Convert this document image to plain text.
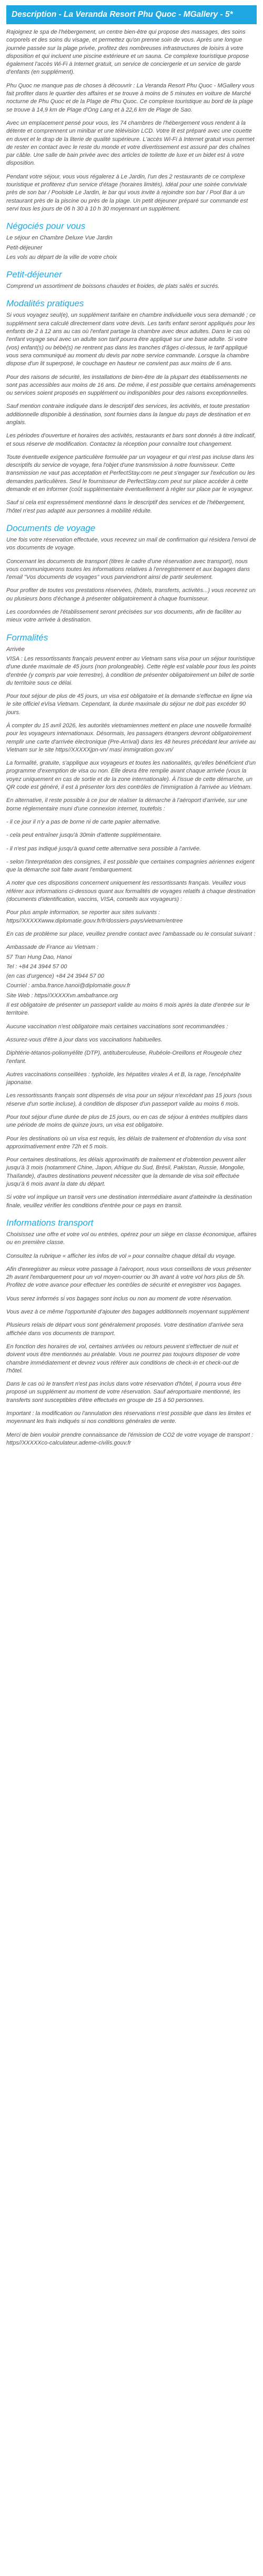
Description - La Veranda Resort Phu Quoc - MGallery - 5*

Rajoignez le spa de l'hébergement, un centre bien-être qui propose des massages, des soins corporels et des soins du visage, et permettez qu'on prenne soin de vous. Après une longue journée passée sur la plage privée, profitez des nombreuses infrastructures de loisirs à votre disposition et qui incluent une piscine extérieure et un sauna. Ce complexe touristique propose également l'accès Wi-Fi à Internet gratuit, un service de conciergerie et un service de garde d'enfants (en supplément).

Phu Quoc ne manque pas de choses à découvrir : La Veranda Resort Phu Quoc - MGallery vous fait profiter dans le quartier des affaires et se trouve à moins de 5 minutes en voiture de Marché nocturne de Phu Quoc et de la Plage de Phu Quoc. Ce complexe touristique au bord de la plage se trouve à 14,9 km de Plage d'Ong Lang et à 22,6 km de Plage de Sao.

Avec un emplacement pensé pour vous, les 74 chambres de l'hébergement vous rendent à la détente et comprennent un minibar et une télévision LCD. Votre lit est préparé avec une couette en duvet et le drap de la literie de qualité supérieure. L'accès Wi-Fi à Internet gratuit vous permet de rester en contact avec le reste du monde et votre divertissement est assuré par des chaînes par câble. Une salle de bain privée avec des articles de toilette de luxe et un bidet est à votre disposition.

Pendant votre séjour, vous vous régalerez à Le Jardin, l'un des 2 restaurants de ce complexe touristique et profiterez d'un service d'étage (horaires limités). Idéal pour une soirée conviviale près de son bar / Poolside Le Jardin, le bar qui vous invite à rejoindre son bar / Pool Bar à un restaurant près de la piscine ou près de la plage. Un petit déjeuner préparé sur commande est servi tous les jours de 06 h 30 à 10 h 30 moyennant un supplément.

Négociés pour vous

Le séjour en Chambre Deluxe Vue Jardin

Petit-déjeuner

Les vols au départ de la ville de votre choix

Petit-déjeuner

Comprend un assortiment de boissons chaudes et froides, de plats salés et sucrés.

Modalités pratiques

Si vous voyagez seul(e), un supplément tarifaire en chambre individuelle vous sera demandé ; ce supplément sera calculé directement dans votre devis. Les tarifs enfant seront appliqués pour les enfants de 2 à 12 ans au cas où l'enfant partage la chambre avec deux adultes. Dans le cas où l'enfant voyage seul avec un adulte son tarif pourra être appliqué sur une base adulte. Si votre (vos) enfant(s) ou bébé(s) ne rentrent pas dans les tranches d'âges ci-dessus, le tarif appliqué vous sera communiqué au moment du devis par notre service commande. Lorsque la chambre dispose d'un lit superposé, le couchage en hauteur ne convient pas aux moins de 6 ans.

Pour des raisons de sécurité, les installations de bien-être de la plupart des établissements ne sont pas accessibles aux moins de 16 ans. De même, il est possible que certains aménagements ou services soient proposés en supplément ou indisponibles pour des raisons exceptionnelles.

Sauf mention contraire indiquée dans le descriptif des services, les activités, et toute prestation additionnelle disponible à destination, sont fournies dans la langue du pays de destination et en anglais.

Les périodes d'ouverture et horaires des activités, restaurants et bars sont donnés à titre indicatif, et sous réserve de modification. Contactez la réception pour connaître tout changement.

Toute éventuelle exigence particulière formulée par un voyageur et qui n'est pas incluse dans les descriptifs du service de voyage, fera l'objet d'une transmission à notre fournisseur. Cette transmission ne vaut pas acceptation et PerfectStay.com ne peut s'engager sur l'exécution ou les demandes particulières. Seul le fournisseur de PerfectStay.com peut sur place accéder à cette demande et en informer (coût supplémentaire éventuellement à régler sur place par le voyageur.

Sauf si cela est expressément mentionné dans le descriptif des services et de l'hébergement, l'hôtel n'est pas adapté aux personnes à mobilité réduite.

Documents de voyage

Une fois votre réservation effectuée, vous recevrez un mail de confirmation qui résidera l'envoi de vos documents de voyage.

Concernant les documents de transport (titres le cadre d'une réservation avec transport), nous vous communiquerons toutes les informations relatives à l'enregistrement et aux bagages dans l'email "Vos documents de voyages" vous parviendront ainsi de partir seulement.

Pour profiter de toutes vos prestations réservées, (hôtels, transferts, activités...) vous recevrez un ou plusieurs bons d'échange à présenter obligatoirement à chaque fournisseur.

Les coordonnées de l'établissement seront précisées sur vos documents, afin de faciliter au mieux votre arrivée à destination.

Formalités

Arrivée

VISA : Les ressortissants français peuvent entrer au Vietnam sans visa pour un séjour touristique d'une durée maximale de 45 jours (non prolongeable). Cette règle est valable pour tous les points d'entrée (y compris par voie terrestre), à condition de présenter obligatoirement un billet de sortie du territoire sous ce délai.

Pour tout séjour de plus de 45 jours, un visa est obligatoire et la demande s'effectue en ligne via le site officiel eVisa Vietnam. Cependant, la durée maximale du séjour ne doit pas excéder 90 jours.

À compter du 15 avril 2026, les autorités vietnamiennes mettent en place une nouvelle formalité pour les voyageurs internationaux. Désormais, les passagers étrangers devront obligatoirement remplir une carte d'arrivée électronique (Pre-Arrival) dans les 48 heures précédant leur arrivée au Vietnam sur le site https//XXXXXjpn-vn/ masi immigration.gov.vn/

La formalité, gratuite, s'applique aux voyageurs et toutes les nationalités, qu'elles bénéficient d'un programme d'exemption de visa ou non. Elle devra être remplie avant chaque arrivée (vous la voyez uniquement en cas de sortie et de la zone internationale). À l'issue de cette démarche, un QR code est généré, il est à présenter lors des contrôles de l'immigration à l'arrivée au Vietnam.

En alternative, il reste possible à ce jour de réaliser la démarche à l'aéroport d'arrivée, sur une borne réglementaire muni d'une connexion internet, toutefois :

- il ce jour il n'y a pas de borne ni de carte papier alternative.

- cela peut entraîner jusqu'à 30min d'attente supplémentaire.

- il n'est pas indiqué jusqu'à quand cette alternative sera possible à l'arrivée.

- selon l'interprétation des consignes, il est possible que certaines compagnies aériennes exigent que la démarche soit faite avant l'embarquement.

A noter que ces dispositions concernent uniquement les ressortissants français. Veuillez vous référer aux informations ci-dessous quant aux formalités de voyages relatifs à chaque destination (documents d'identification, vaccins, VISA, conseils aux voyageurs) :

Pour plus ample information, se reporter aux sites suivants : https//XXXXXwww.diplomatie.gouv.fr/fr/dossiers-pays/vietnam/entree

En cas de problème sur place, veuillez prendre contact avec l'ambassade ou le consulat suivant :

Ambassade de France au Vietnam :

57 Tran Hung Dao, Hanoi

Tel : +84 24 3944 57 00

(en cas d'urgence) +84 24 3944 57 00

Courriel : amba.france.hanoi@diplomatie.gouv.fr

Site Web : https//XXXXXvn.ambafrance.org

Il est obligatoire de présenter un passeport valide au moins 6 mois après la date d'entrée sur le territoire.

Aucune vaccination n'est obligatoire mais certaines vaccinations sont recommandées :

Assurez-vous d'être à jour dans vos vaccinations habituelles.

Diphtérie-tétanos-poliomyélite (DTP), antituberculeuse, Rubéole-Oreillons et Rougeole chez l'enfant.

Autres vaccinations conseillées : typhoïde, les hépatites virales A et B, la rage, l'encéphalite japonaise.

Les ressortissants français sont dispensés de visa pour un séjour n'excédant pas 15 jours (sous réserve d'un sortie incluse), à condition de disposer d'un passeport valide au moins 6 mois.

Pour tout séjour d'une durée de plus de 15 jours, ou en cas de séjour à entrées multiples dans une période de moins de quinze jours, un visa est obligatoire.

Pour les destinations où un visa est requis, les délais de traitement et d'obtention du visa sont approximativement entre 72h et 5 mois.

Pour certaines destinations, les délais approximatifs de traitement et d'obtention peuvent aller jusqu'à 3 mois (notamment Chine, Japon, Afrique du Sud, Brésil, Pakistan, Russie, Mongolie, Thaïlande), d'autres destinations peuvent nécessiter que la demande de visa soit effectuée jusqu'à 6 mois avant la date du départ.

Si votre vol implique un transit vers une destination intermédiaire avant d'atteindre la destination finale, veuillez vérifier les conditions d'entrée pour ce pays en transit.

Informations transport

Choisissez une offre et votre vol ou entrées, opérez pour un siège en classe économique, affaires ou en première classe.

Consultez la rubrique « afficher les infos de vol » pour connaître chaque détail du voyage.

Afin d'enregistrer au mieux votre passage à l'aéroport, nous vous conseillons de vous présenter 2h avant l'embarquement pour un vol moyen-courrier ou 3h avant à votre vol hors plus de 5h. Profitez de votre avance pour effectuer les contrôles de sécurité et enregistrer vos bagages.

Vous serez informés si vos bagages sont inclus ou non au moment de votre réservation.

Vous avez à ce même l'opportunité d'ajouter des bagages additionnels moyennant supplément

Plusieurs relais de départ vous sont généralement proposés. Votre destination d'arrivée sera affichée dans vos documents de transport.

En fonction des horaires de vol, certaines arrivées ou retours peuvent s'effectuer de nuit et doivent vous être mentionnés au préalable. Vous ne pourrez pas toujours disposer de votre chambre immédiatement et devrez vous référer aux conditions de check-in et check-out de l'hôtel.

Dans le cas où le transfert n'est pas inclus dans votre réservation d'hôtel, il pourra vous être proposé un supplément au moment de votre réservation. Sauf aéroportuaire mentionné, les transferts sont susceptibles d'être effectués en groupe de 15 à 50 personnes.

Important : la modification ou l'annulation des réservations n'est possible que dans les limites et moyennant les frais indiqués si nos conditions générales de vente.

Merci de bien vouloir prendre connaissance de l'émission de CO2 de votre voyage de transport : https//XXXXXco-calculateur.ademe-civilis.gouv.fr
